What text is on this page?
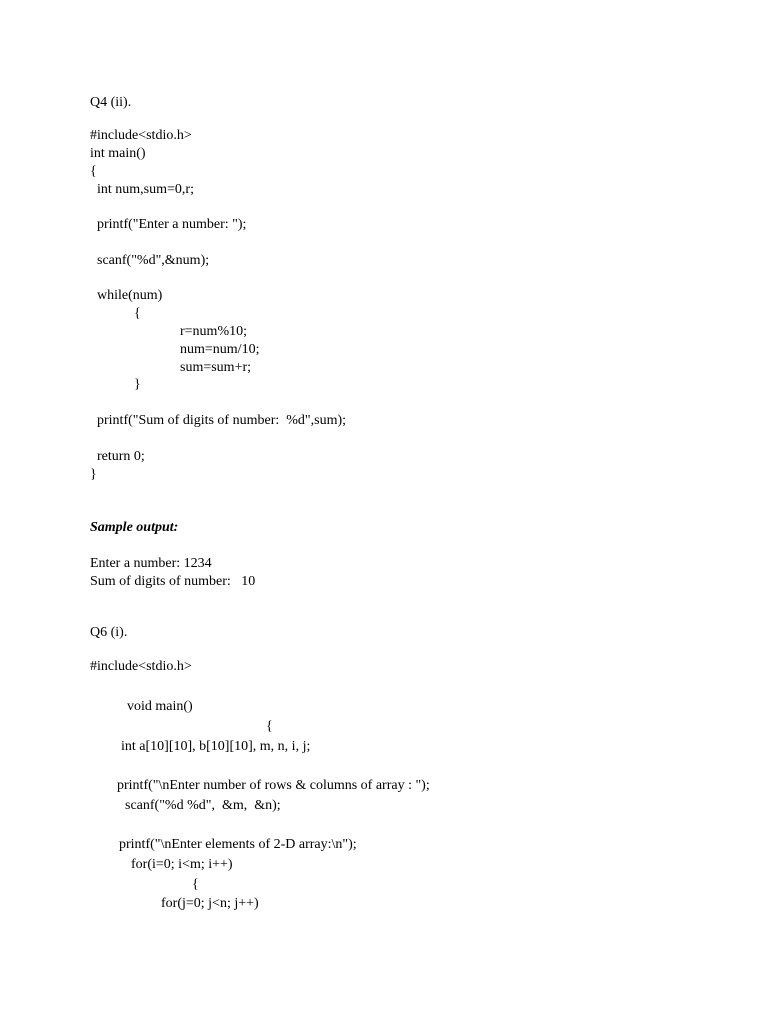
Q4 (ii).

#include<stdio.h>

int main()

{

int num,sum=0,r;

printf("Enter a number: ");

scanf("%d",&num);

while(num)

{

r=num%10;

num=num/10;

sum=sum+r;

}

printf("Sum of digits of number:  %d",sum);

return 0;

}

Sample output:

Enter a number: 1234

Sum of digits of number:   10

Q6 (i).

#include<stdio.h>

void main()

{

int a[10][10], b[10][10], m, n, i, j;

printf("\nEnter number of rows & columns of array : ");

scanf("%d %d",  &m,  &n);

printf("\nEnter elements of 2-D array:\n");

for(i=0; i<m; i++)

{

for(j=0; j<n; j++)
